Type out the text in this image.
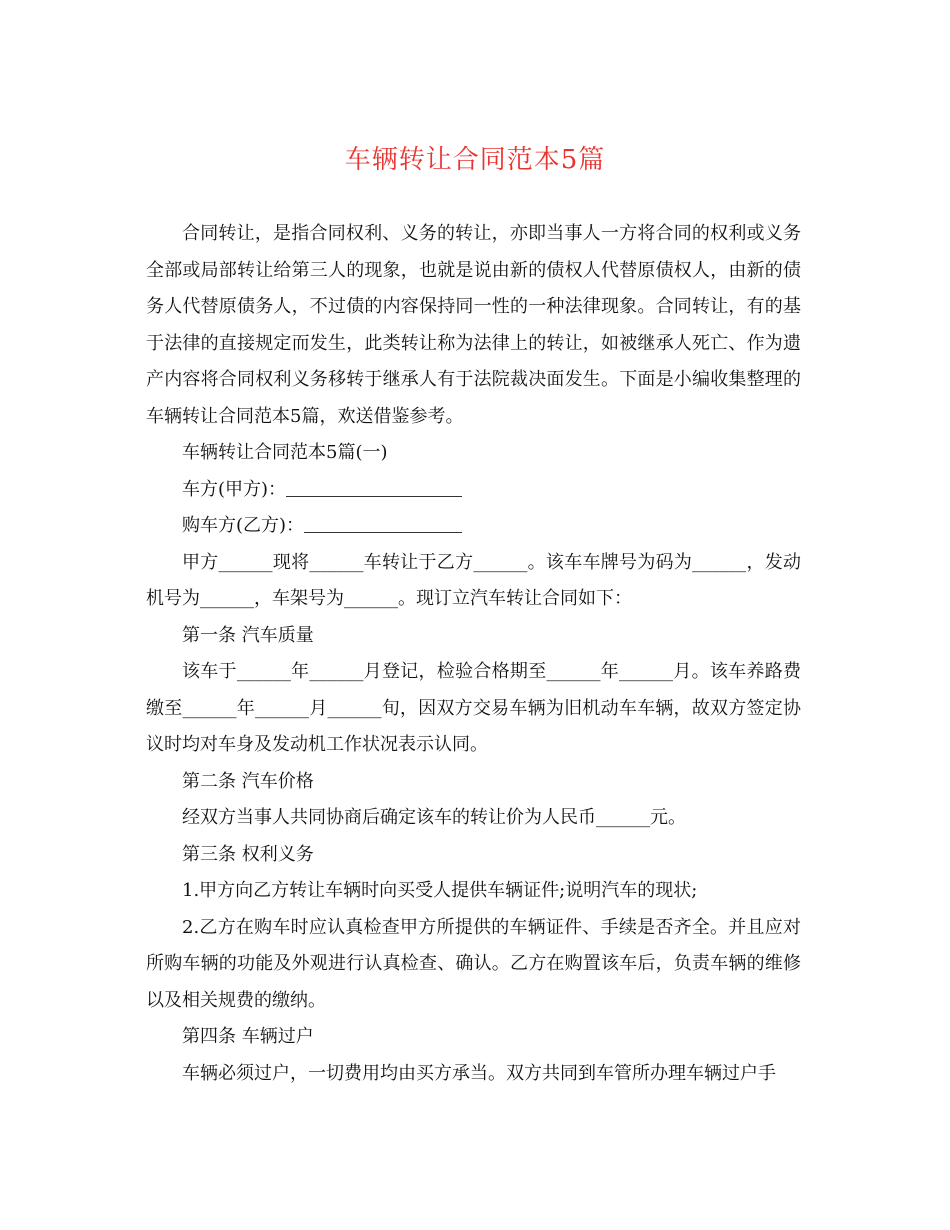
车辆转让合同范本5篇

合同转让，是指合同权利、义务的转让，亦即当事人一方将合同的权利或义务全部或局部转让给第三人的现象，也就是说由新的债权人代替原债权人，由新的债务人代替原债务人，不过债的内容保持同一性的一种法律现象。合同转让，有的基于法律的直接规定而发生，此类转让称为法律上的转让，如被继承人死亡、作为遗产内容将合同权利义务移转于继承人有于法院裁决面发生。下面是小编收集整理的车辆转让合同范本5篇，欢送借鉴参考。

车辆转让合同范本5篇(一)

车方(甲方)：

购车方(乙方)：

甲方______现将______车转让于乙方______。该车车牌号为码为______，发动机号为______，车架号为______。现订立汽车转让合同如下：

第一条 汽车质量

该车于______年______月登记，检验合格期至______年______月。该车养路费缴至______年______月______旬，因双方交易车辆为旧机动车车辆，故双方签定协议时均对车身及发动机工作状况表示认同。

第二条 汽车价格

经双方当事人共同协商后确定该车的转让价为人民币______元。

第三条 权利义务

1.甲方向乙方转让车辆时向买受人提供车辆证件;说明汽车的现状;

2.乙方在购车时应认真检查甲方所提供的车辆证件、手续是否齐全。并且应对所购车辆的功能及外观进行认真检查、确认。乙方在购置该车后，负责车辆的维修以及相关规费的缴纳。

第四条 车辆过户

车辆必须过户，一切费用均由买方承当。双方共同到车管所办理车辆过户手
